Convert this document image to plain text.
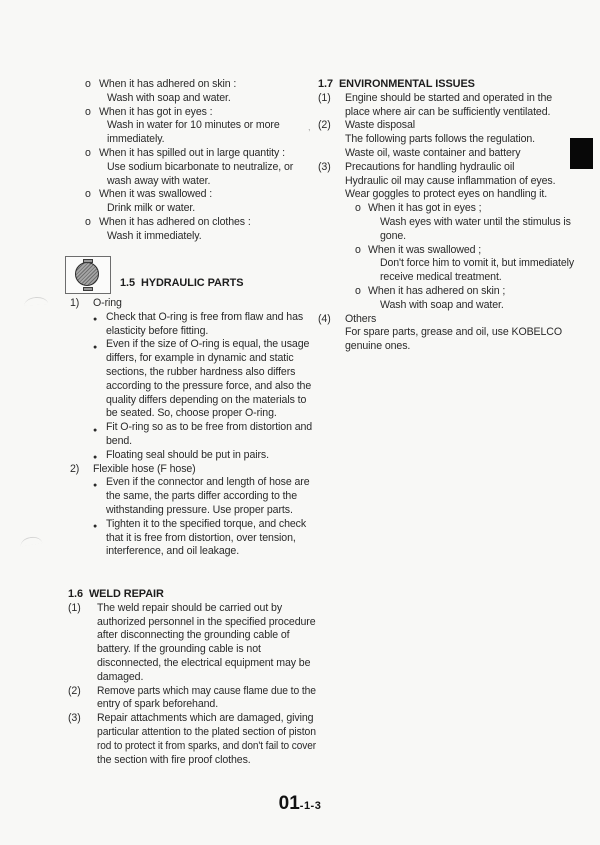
o When it has adhered on skin :
Wash with soap and water.
o When it has got in eyes :
Wash in water for 10 minutes or more
immediately.
o When it has spilled out in large quantity :
Use sodium bicarbonate to neutralize, or
wash away with water.
o When it was swallowed :
Drink milk or water.
o When it has adhered on clothes :
Wash it immediately.
1.5  HYDRAULIC PARTS
1) O-ring
● Check that O-ring is free from flaw and has
elasticity before fitting.
● Even if the size of O-ring is equal, the usage
differs, for example in dynamic and static
sections, the rubber hardness also differs
according to the pressure force, and also the
quality differs depending on the materials to
be seated. So, choose proper O-ring.
● Fit O-ring so as to be free from distortion and
bend.
● Floating seal should be put in pairs.
2) Flexible hose (F hose)
● Even if the connector and length of hose are
the same, the parts differ according to the
withstanding pressure. Use proper parts.
● Tighten it to the specified torque, and check
that it is free from distortion, over tension,
interference, and oil leakage.
1.6  WELD REPAIR
(1) The weld repair should be carried out by
authorized personnel in the specified procedure
after disconnecting the grounding cable of
battery. If the grounding cable is not
disconnected, the electrical equipment may be
damaged.
(2) Remove parts which may cause flame due to the
entry of spark beforehand.
(3) Repair attachments which are damaged, giving
particular attention to the plated section of piston
rod to protect it from sparks, and don't fail to cover
the section with fire proof clothes.
1.7  ENVIRONMENTAL ISSUES
(1) Engine should be started and operated in the
place where air can be sufficiently ventilated.
(2) Waste disposal
The following parts follows the regulation.
Waste oil, waste container and battery
(3) Precautions for handling hydraulic oil
Hydraulic oil may cause inflammation of eyes.
Wear goggles to protect eyes on handling it.
o When it has got in eyes ;
Wash eyes with water until the stimulus is
gone.
o When it was swallowed ;
Don't force him to vomit it, but immediately
receive medical treatment.
o When it has adhered on skin ;
Wash with soap and water.
(4) Others
For spare parts, grease and oil, use KOBELCO
genuine ones.
,
01-1-3
